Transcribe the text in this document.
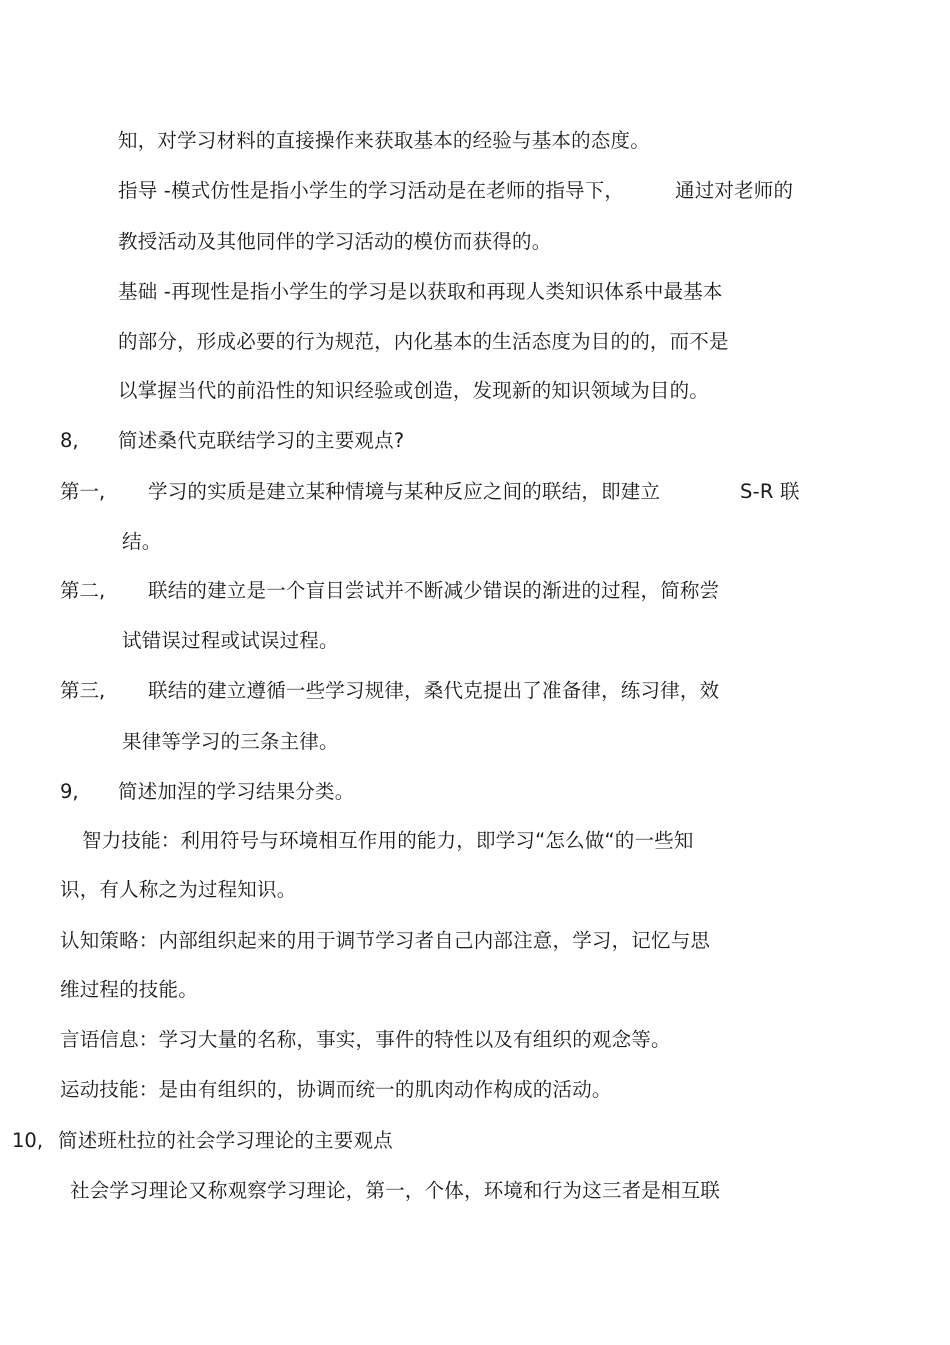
知，对学习材料的直接操作来获取基本的经验与基本的态度。
指导 -模式仿性是指小学生的学习活动是在老师的指导下，	通过对老师的
教授活动及其他同伴的学习活动的模仿而获得的。
基础 -再现性是指小学生的学习是以获取和再现人类知识体系中最基本
的部分，形成必要的行为规范，内化基本的生活态度为目的的，而不是
以掌握当代的前沿性的知识经验或创造，发现新的知识领域为目的。
8, 简述桑代克联结学习的主要观点?
第一, 学习的实质是建立某种情境与某种反应之间的联结，即建立	S-R 联
结。
第二, 联结的建立是一个盲目尝试并不断减少错误的渐进的过程，简称尝
试错误过程或试误过程。
第三, 联结的建立遵循一些学习规律，桑代克提出了准备律，练习律，效
果律等学习的三条主律。
9, 简述加涅的学习结果分类。
智力技能：利用符号与环境相互作用的能力，即学习“怎么做“的一些知
识，有人称之为过程知识。
认知策略：内部组织起来的用于调节学习者自己内部注意，学习，记忆与思
维过程的技能。
言语信息：学习大量的名称，事实，事件的特性以及有组织的观念等。
运动技能：是由有组织的，协调而统一的肌肉动作构成的活动。
10, 简述班杜拉的社会学习理论的主要观点
社会学习理论又称观察学习理论，第一，个体，环境和行为这三者是相互联
